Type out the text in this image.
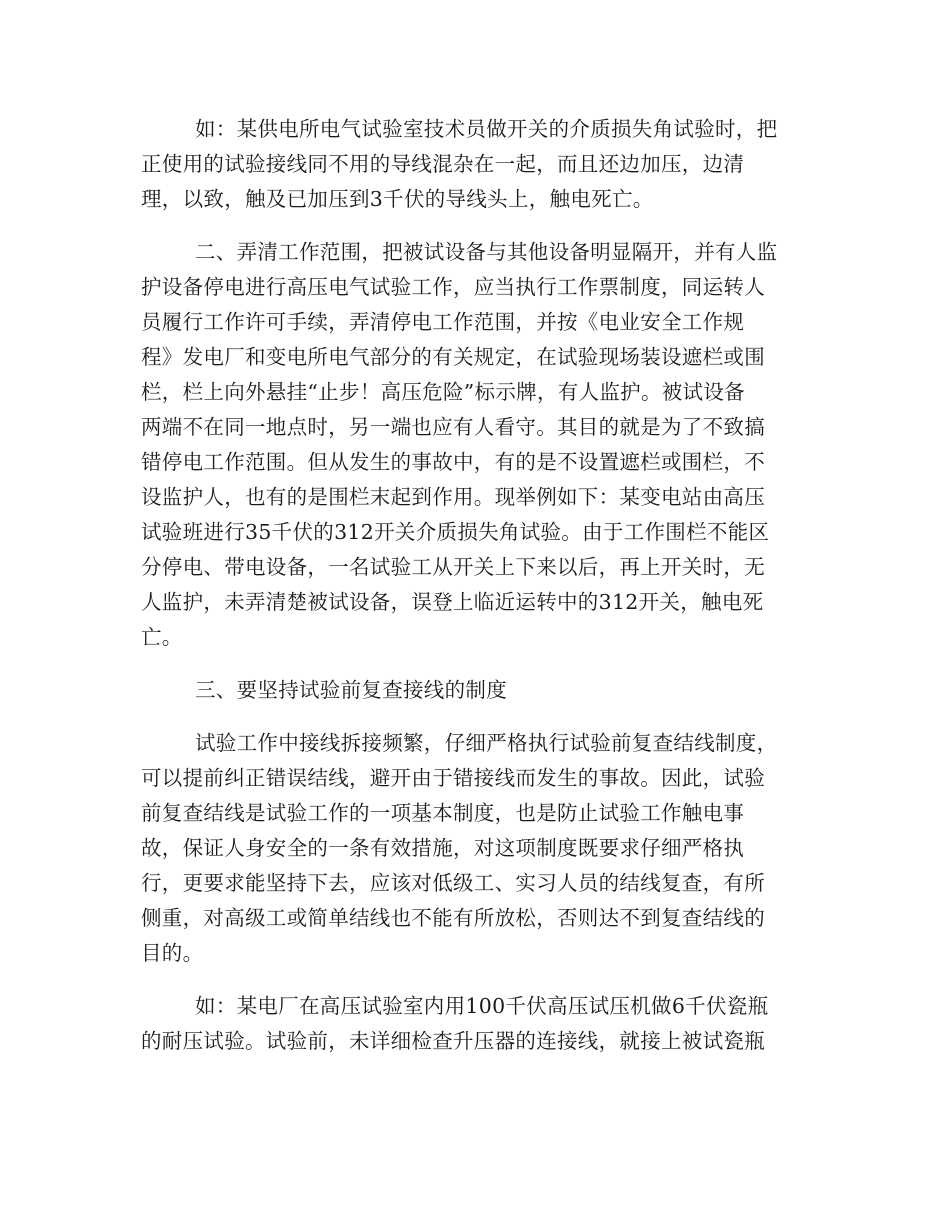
如：某供电所电气试验室技术员做开关的介质损失角试验时，把
正使用的试验接线同不用的导线混杂在一起，而且还边加压，边清
理，以致，触及已加压到3千伏的导线头上，触电死亡。
二、弄清工作范围，把被试设备与其他设备明显隔开，并有人监
护设备停电进行高压电气试验工作，应当执行工作票制度，同运转人
员履行工作许可手续，弄清停电工作范围，并按《电业安全工作规
程》发电厂和变电所电气部分的有关规定，在试验现场装设遮栏或围
栏，栏上向外悬挂“止步！高压危险”标示牌，有人监护。被试设备
两端不在同一地点时，另一端也应有人看守。其目的就是为了不致搞
错停电工作范围。但从发生的事故中，有的是不设置遮栏或围栏，不
设监护人，也有的是围栏末起到作用。现举例如下：某变电站由高压
试验班进行35千伏的312开关介质损失角试验。由于工作围栏不能区
分停电、带电设备，一名试验工从开关上下来以后，再上开关时，无
人监护，未弄清楚被试设备，误登上临近运转中的312开关，触电死
亡。
三、要坚持试验前复查接线的制度
试验工作中接线拆接频繁，仔细严格执行试验前复查结线制度，
可以提前纠正错误结线，避开由于错接线而发生的事故。因此，试验
前复查结线是试验工作的一项基本制度，也是防止试验工作触电事
故，保证人身安全的一条有效措施，对这项制度既要求仔细严格执
行，更要求能坚持下去，应该对低级工、实习人员的结线复查，有所
侧重，对高级工或简单结线也不能有所放松，否则达不到复查结线的
目的。
如：某电厂在高压试验室内用100千伏高压试压机做6千伏瓷瓶
的耐压试验。试验前，未详细检查升压器的连接线，就接上被试瓷瓶
